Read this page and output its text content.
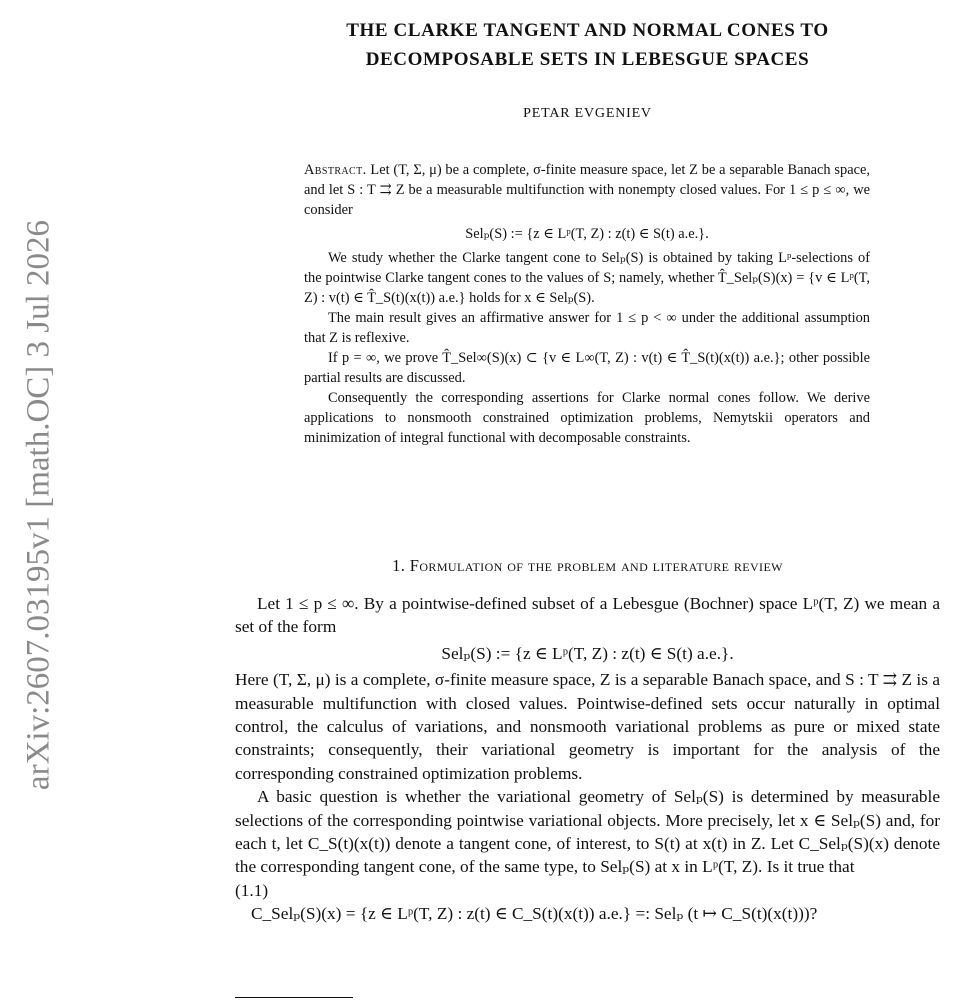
arXiv:2607.03195v1 [math.OC] 3 Jul 2026
THE CLARKE TANGENT AND NORMAL CONES TO
DECOMPOSABLE SETS IN LEBESGUE SPACES
PETAR EVGENIEV

Abstract. Let (T, Σ, μ) be a complete, σ-finite measure space, let Z be a separable Banach space, and let S : T ⇉ Z be a measurable multifunction with nonempty closed values. For 1 ≤ p ≤ ∞, we consider

Selₚ(S) := {z ∈ Lᵖ(T, Z) : z(t) ∈ S(t) a.e.}.

We study whether the Clarke tangent cone to Selₚ(S) is obtained by taking Lᵖ-selections of the pointwise Clarke tangent cones to the values of S; namely, whether T̂_Selₚ(S)(x) = {v ∈ Lᵖ(T, Z) : v(t) ∈ T̂_S(t)(x(t)) a.e.} holds for x ∈ Selₚ(S).

The main result gives an affirmative answer for 1 ≤ p < ∞ under the additional assumption that Z is reflexive.

If p = ∞, we prove T̂_Sel∞(S)(x) ⊂ {v ∈ L∞(T, Z) : v(t) ∈ T̂_S(t)(x(t)) a.e.}; other possible partial results are discussed.

Consequently the corresponding assertions for Clarke normal cones follow. We derive applications to nonsmooth constrained optimization problems, Nemytskii operators and minimization of integral functional with decomposable constraints.

1. Formulation of the problem and literature review

Let 1 ≤ p ≤ ∞. By a pointwise-defined subset of a Lebesgue (Bochner) space Lᵖ(T, Z) we mean a set of the form

Selₚ(S) := {z ∈ Lᵖ(T, Z) : z(t) ∈ S(t) a.e.}.

Here (T, Σ, μ) is a complete, σ-finite measure space, Z is a separable Banach space, and S : T ⇉ Z is a measurable multifunction with closed values. Pointwise-defined sets occur naturally in optimal control, the calculus of variations, and nonsmooth variational problems as pure or mixed state constraints; consequently, their variational geometry is important for the analysis of the corresponding constrained optimization problems.

A basic question is whether the variational geometry of Selₚ(S) is determined by measurable selections of the corresponding pointwise variational objects. More precisely, let x ∈ Selₚ(S) and, for each t, let C_S(t)(x(t)) denote a tangent cone, of interest, to S(t) at x(t) in Z. Let C_Selₚ(S)(x) denote the corresponding tangent cone, of the same type, to Selₚ(S) at x in Lᵖ(T, Z). Is it true that

(1.1)
C_Selₚ(S)(x) = {z ∈ Lᵖ(T, Z) : z(t) ∈ C_S(t)(x(t)) a.e.} =: Selₚ (t ↦ C_S(t)(x(t)))?
